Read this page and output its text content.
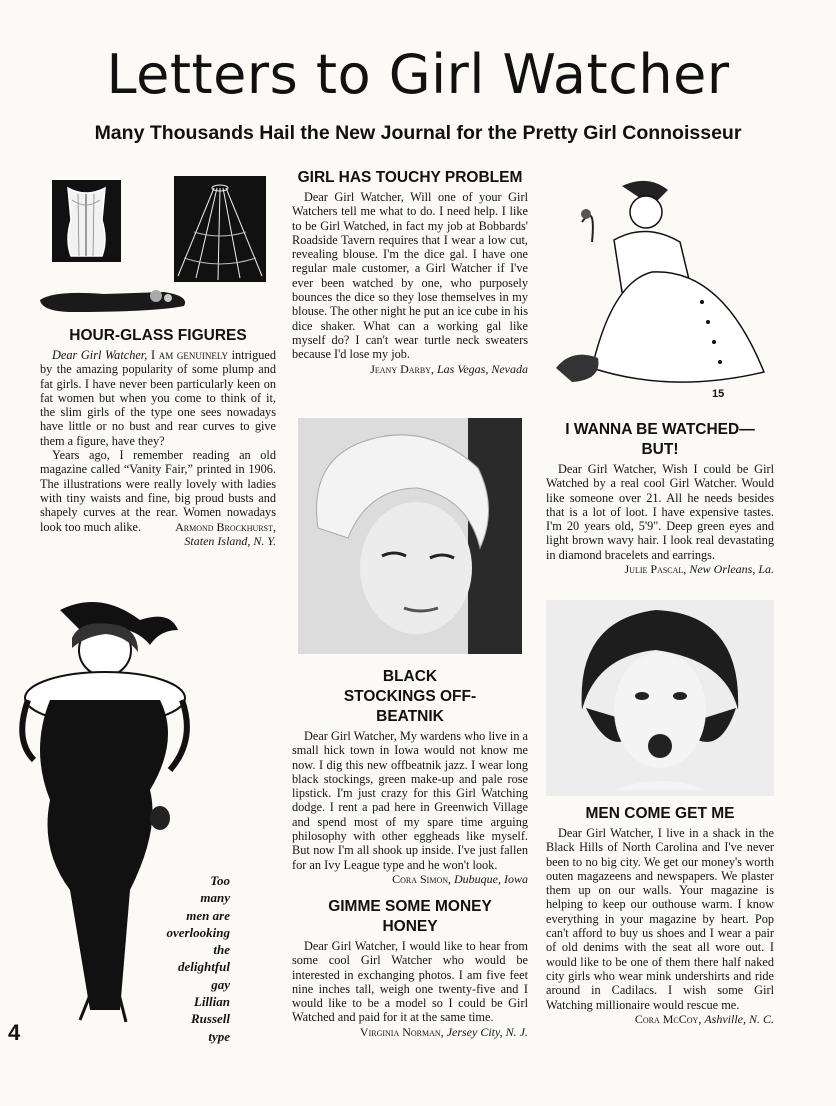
Letters to Girl Watcher
Many Thousands Hail the New Journal for the Pretty Girl Connoisseur
HOUR-GLASS FIGURES

Dear Girl Watcher, I am genuinely intrigued by the amazing popularity of some plump and fat girls. I have never been particularly keen on fat women but when you come to think of it, the slim girls of the type one sees nowadays have little or no bust and rear curves to give them a figure, have they?

Years ago, I remember reading an old magazine called “Vanity Fair,” printed in 1906. The illustrations were really lovely with ladies with tiny waists and fine, big proud busts and shapely curves at the rear. Women nowadays look too much alike.	Armond Brockhurst,
Staten Island, N. Y.
Too
many
men are
overlooking
the
delightful
gay
Lillian
Russell
type
4
GIRL HAS TOUCHY PROBLEM

Dear Girl Watcher, Will one of your Girl Watchers tell me what to do. I need help. I like to be Girl Watched, in fact my job at Bobbards' Roadside Tavern requires that I wear a low cut, revealing blouse. I'm the dice gal. I have one regular male customer, a Girl Watcher if I've ever been watched by one, who purposely bounces the dice so they lose themselves in my blouse. The other night he put an ice cube in his dice shaker. What can a working gal like myself do? I can't wear turtle neck sweaters because I'd lose my job.

Jeany Darby, Las Vegas, Nevada
BLACK STOCKINGS OFF-BEATNIK

Dear Girl Watcher, My wardens who live in a small hick town in Iowa would not know me now. I dig this new offbeatnik jazz. I wear long black stockings, green make-up and pale rose lipstick. I'm just crazy for this Girl Watching dodge. I rent a pad here in Greenwich Village and spend most of my spare time arguing philosophy with other eggheads like myself. But now I'm all shook up inside. I've just fallen for an Ivy League type and he won't look.

Cora Simon, Dubuque, Iowa
GIMME SOME MONEY HONEY

Dear Girl Watcher, I would like to hear from some cool Girl Watcher who would be interested in exchanging photos. I am five feet nine inches tall, weigh one twenty-five and I would like to be a model so I could be Girl Watched and paid for it at the same time.

Virginia Norman, Jersey City, N. J.
15
I WANNA BE WATCHED— BUT!

Dear Girl Watcher, Wish I could be Girl Watched by a real cool Girl Watcher. Would like someone over 21. All he needs besides that is a lot of loot. I have expensive tastes. I'm 20 years old, 5'9". Deep green eyes and light brown wavy hair. I look real devastating in diamond bracelets and earrings.

Julie Pascal, New Orleans, La.
MEN COME GET ME

Dear Girl Watcher, I live in a shack in the Black Hills of North Carolina and I've never been to no big city. We get our money's worth outen magazeens and newspapers. We plaster them up on our walls. Your magazine is helping to keep our outhouse warm. I know everything in your magazine by heart. Pop can't afford to buy us shoes and I wear a pair of old denims with the seat all wore out. I would like to be one of them there half naked city girls who wear mink undershirts and ride around in Cadilacs. I wish some Girl Watching millionaire would rescue me.

Cora McCoy, Ashville, N. C.
